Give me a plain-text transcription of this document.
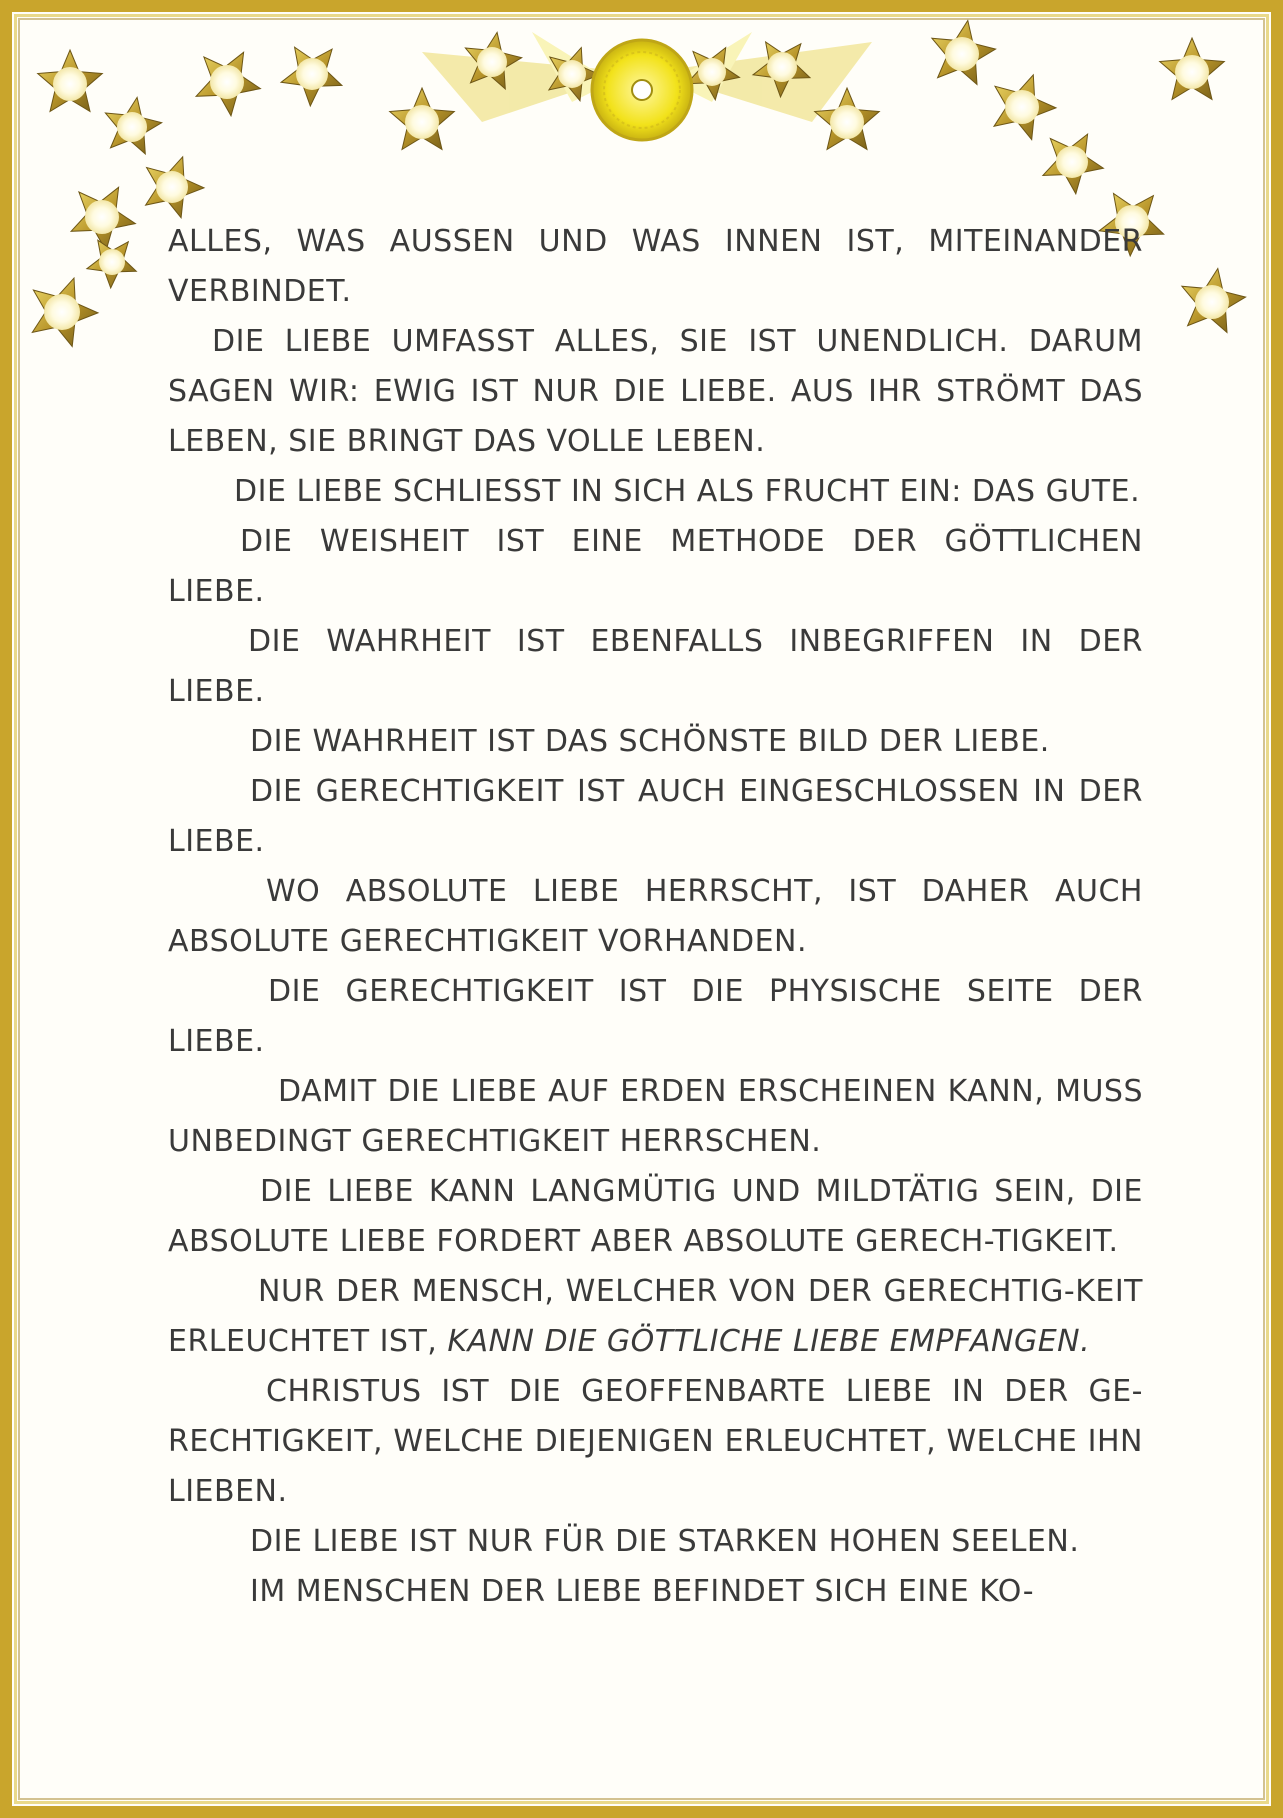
ALLES, WAS AUSSEN UND WAS INNEN IST, MITEINANDER VERBINDET.

DIE LIEBE UMFASST ALLES, SIE IST UNENDLICH. DARUM SAGEN WIR: EWIG IST NUR DIE LIEBE. AUS IHR STRÖMT DAS LEBEN, SIE BRINGT DAS VOLLE LEBEN.

DIE LIEBE SCHLIESST IN SICH ALS FRUCHT EIN: DAS GUTE.

DIE WEISHEIT IST EINE METHODE DER GÖTTLICHEN LIEBE.

DIE WAHRHEIT IST EBENFALLS INBEGRIFFEN IN DER LIEBE.

DIE WAHRHEIT IST DAS SCHÖNSTE BILD DER LIEBE.

DIE GERECHTIGKEIT IST AUCH EINGESCHLOSSEN IN DER LIEBE.

WO ABSOLUTE LIEBE HERRSCHT, IST DAHER AUCH ABSOLUTE GERECHTIGKEIT VORHANDEN.

DIE GERECHTIGKEIT IST DIE PHYSISCHE SEITE DER LIEBE.

DAMIT DIE LIEBE AUF ERDEN ERSCHEINEN KANN, MUSS UNBEDINGT GERECHTIGKEIT HERRSCHEN.

DIE LIEBE KANN LANGMÜTIG UND MILDTÄTIG SEIN, DIE ABSOLUTE LIEBE FORDERT ABER ABSOLUTE GERECH-TIGKEIT.

NUR DER MENSCH, WELCHER VON DER GERECHTIG-KEIT ERLEUCHTET IST, KANN DIE GÖTTLICHE LIEBE EMPFANGEN.

CHRISTUS IST DIE GEOFFENBARTE LIEBE IN DER GE-RECHTIGKEIT, WELCHE DIEJENIGEN ERLEUCHTET, WELCHE IHN LIEBEN.

DIE LIEBE IST NUR FÜR DIE STARKEN HOHEN SEELEN.

IM MENSCHEN DER LIEBE BEFINDET SICH EINE KO-
